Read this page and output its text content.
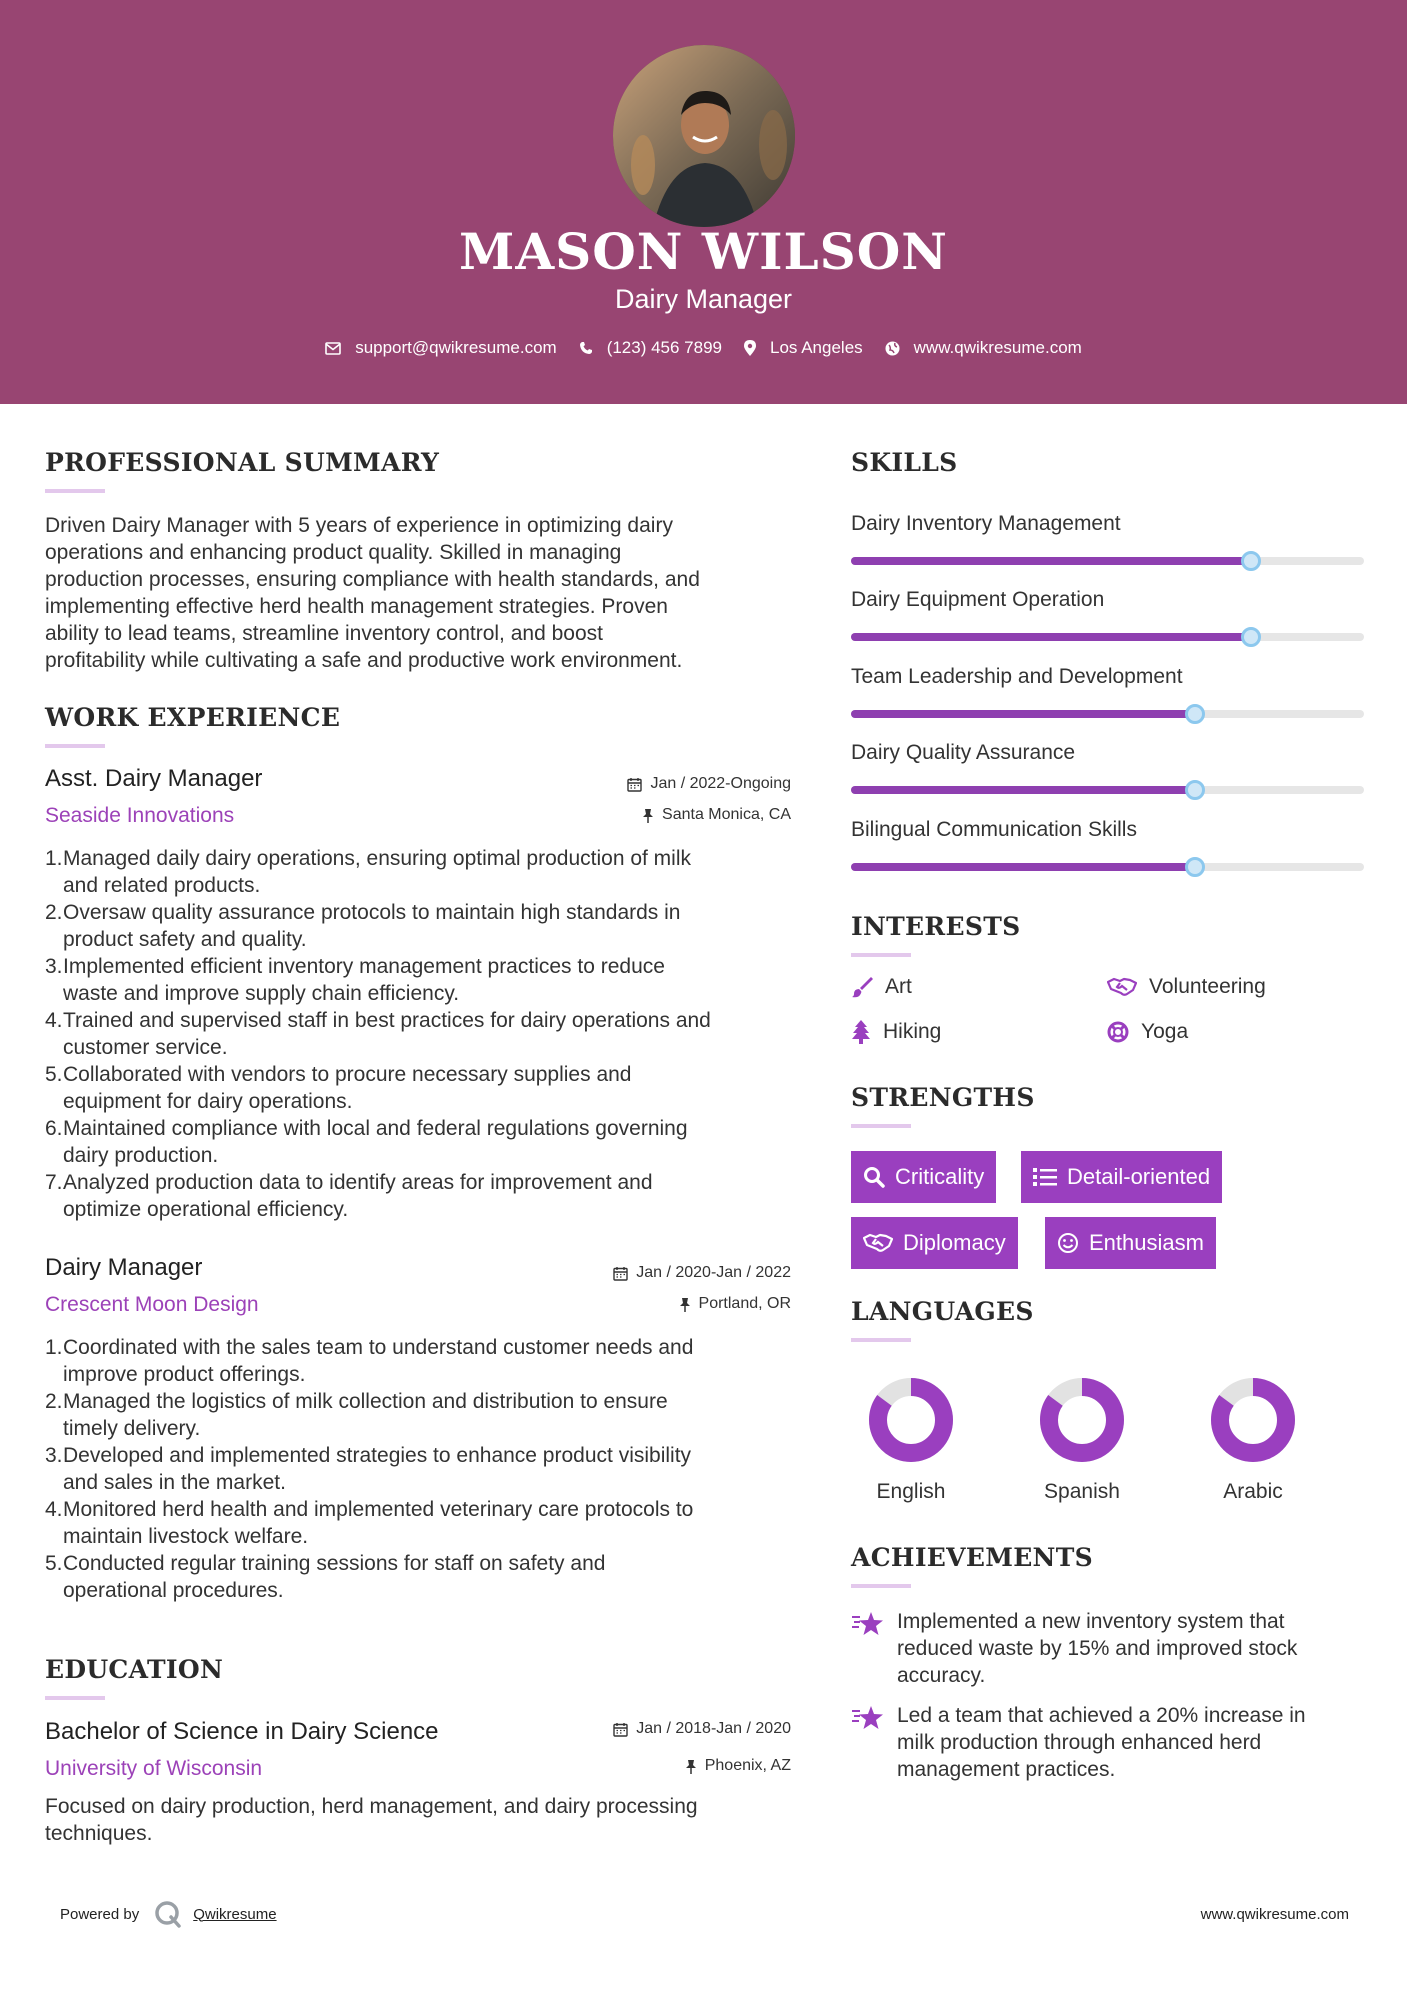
MASON WILSON
Dairy Manager
support@qwikresume.com	(123) 456 7899	Los Angeles	www.qwikresume.com
PROFESSIONAL SUMMARY
Driven Dairy Manager with 5 years of experience in optimizing dairy
operations and enhancing product quality. Skilled in managing
production processes, ensuring compliance with health standards, and
implementing effective herd health management strategies. Proven
ability to lead teams, streamline inventory control, and boost
profitability while cultivating a safe and productive work environment.
WORK EXPERIENCE
Asst. Dairy Manager
Seaside Innovations
Jan / 2022-Ongoing
Santa Monica, CA
1. Managed daily dairy operations, ensuring optimal production of milk
and related products.
2. Oversaw quality assurance protocols to maintain high standards in
product safety and quality.
3. Implemented efficient inventory management practices to reduce
waste and improve supply chain efficiency.
4. Trained and supervised staff in best practices for dairy operations and
customer service.
5. Collaborated with vendors to procure necessary supplies and
equipment for dairy operations.
6. Maintained compliance with local and federal regulations governing
dairy production.
7. Analyzed production data to identify areas for improvement and
optimize operational efficiency.
Dairy Manager
Crescent Moon Design
Jan / 2020-Jan / 2022
Portland, OR
1. Coordinated with the sales team to understand customer needs and
improve product offerings.
2. Managed the logistics of milk collection and distribution to ensure
timely delivery.
3. Developed and implemented strategies to enhance product visibility
and sales in the market.
4. Monitored herd health and implemented veterinary care protocols to
maintain livestock welfare.
5. Conducted regular training sessions for staff on safety and
operational procedures.
EDUCATION
Bachelor of Science in Dairy Science
University of Wisconsin
Jan / 2018-Jan / 2020
Phoenix, AZ
Focused on dairy production, herd management, and dairy processing
techniques.
SKILLS
Dairy Inventory Management
Dairy Equipment Operation
Team Leadership and Development
Dairy Quality Assurance
Bilingual Communication Skills
INTERESTS
Art	Volunteering
Hiking	Yoga
STRENGTHS
Criticality	Detail-oriented
Diplomacy	Enthusiasm
LANGUAGES
English	Spanish	Arabic
ACHIEVEMENTS
Implemented a new inventory system that
reduced waste by 15% and improved stock
accuracy.
Led a team that achieved a 20% increase in
milk production through enhanced herd
management practices.
Powered by	Qwikresume	www.qwikresume.com
